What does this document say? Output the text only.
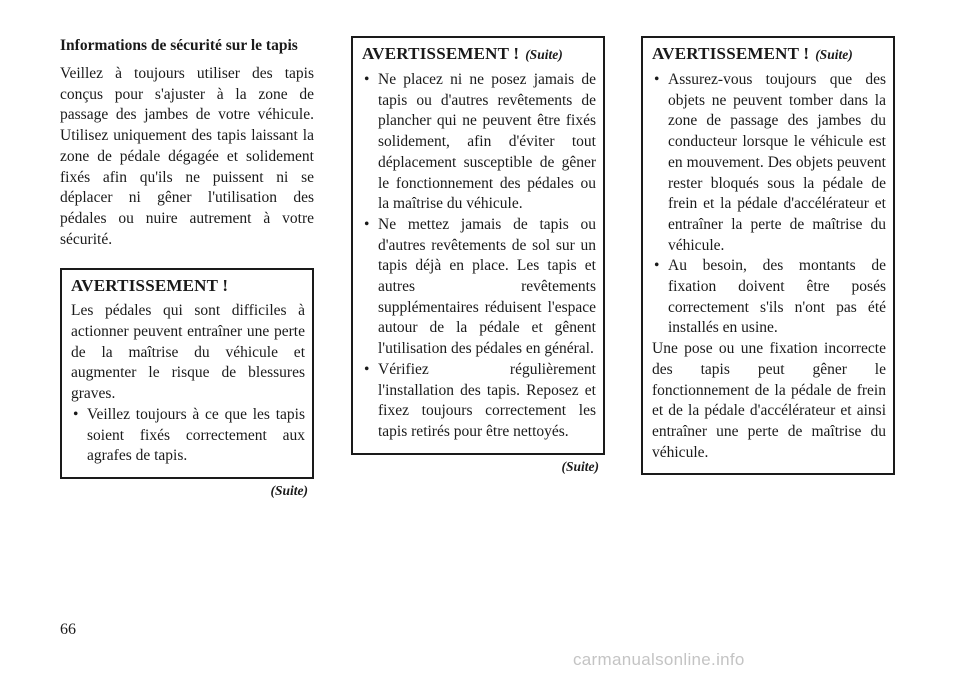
Informations de sécurité sur le tapis

Veillez à toujours utiliser des tapis conçus pour s'ajuster à la zone de passage des jambes de votre véhicule. Utilisez uniquement des tapis laissant la zone de pédale dégagée et solidement fixés afin qu'ils ne puissent ni se déplacer ni gêner l'utilisation des pédales ou nuire autrement à votre sécurité.

AVERTISSEMENT !

Les pédales qui sont difficiles à actionner peuvent entraîner une perte de la maîtrise du véhicule et augmenter le risque de blessures graves.

• Veillez toujours à ce que les tapis soient fixés correctement aux agrafes de tapis.
(Suite)
AVERTISSEMENT ! (Suite)
• Ne placez ni ne posez jamais de tapis ou d'autres revêtements de plancher qui ne peuvent être fixés solidement, afin d'éviter tout déplacement susceptible de gêner le fonctionnement des pédales ou la maîtrise du véhicule.
• Ne mettez jamais de tapis ou d'autres revêtements de sol sur un tapis déjà en place. Les tapis et autres revêtements supplémentaires réduisent l'espace autour de la pédale et gênent l'utilisation des pédales en général.
• Vérifiez régulièrement l'installation des tapis. Reposez et fixez toujours correctement les tapis retirés pour être nettoyés.
(Suite)
AVERTISSEMENT ! (Suite)
• Assurez-vous toujours que des objets ne peuvent tomber dans la zone de passage des jambes du conducteur lorsque le véhicule est en mouvement. Des objets peuvent rester bloqués sous la pédale de frein et la pédale d'accélérateur et entraîner la perte de maîtrise du véhicule.
• Au besoin, des montants de fixation doivent être posés correctement s'ils n'ont pas été installés en usine.

Une pose ou une fixation incorrecte des tapis peut gêner le fonctionnement de la pédale de frein et de la pédale d'accélérateur et ainsi entraîner une perte de maîtrise du véhicule.

66
carmanualsonline.info
